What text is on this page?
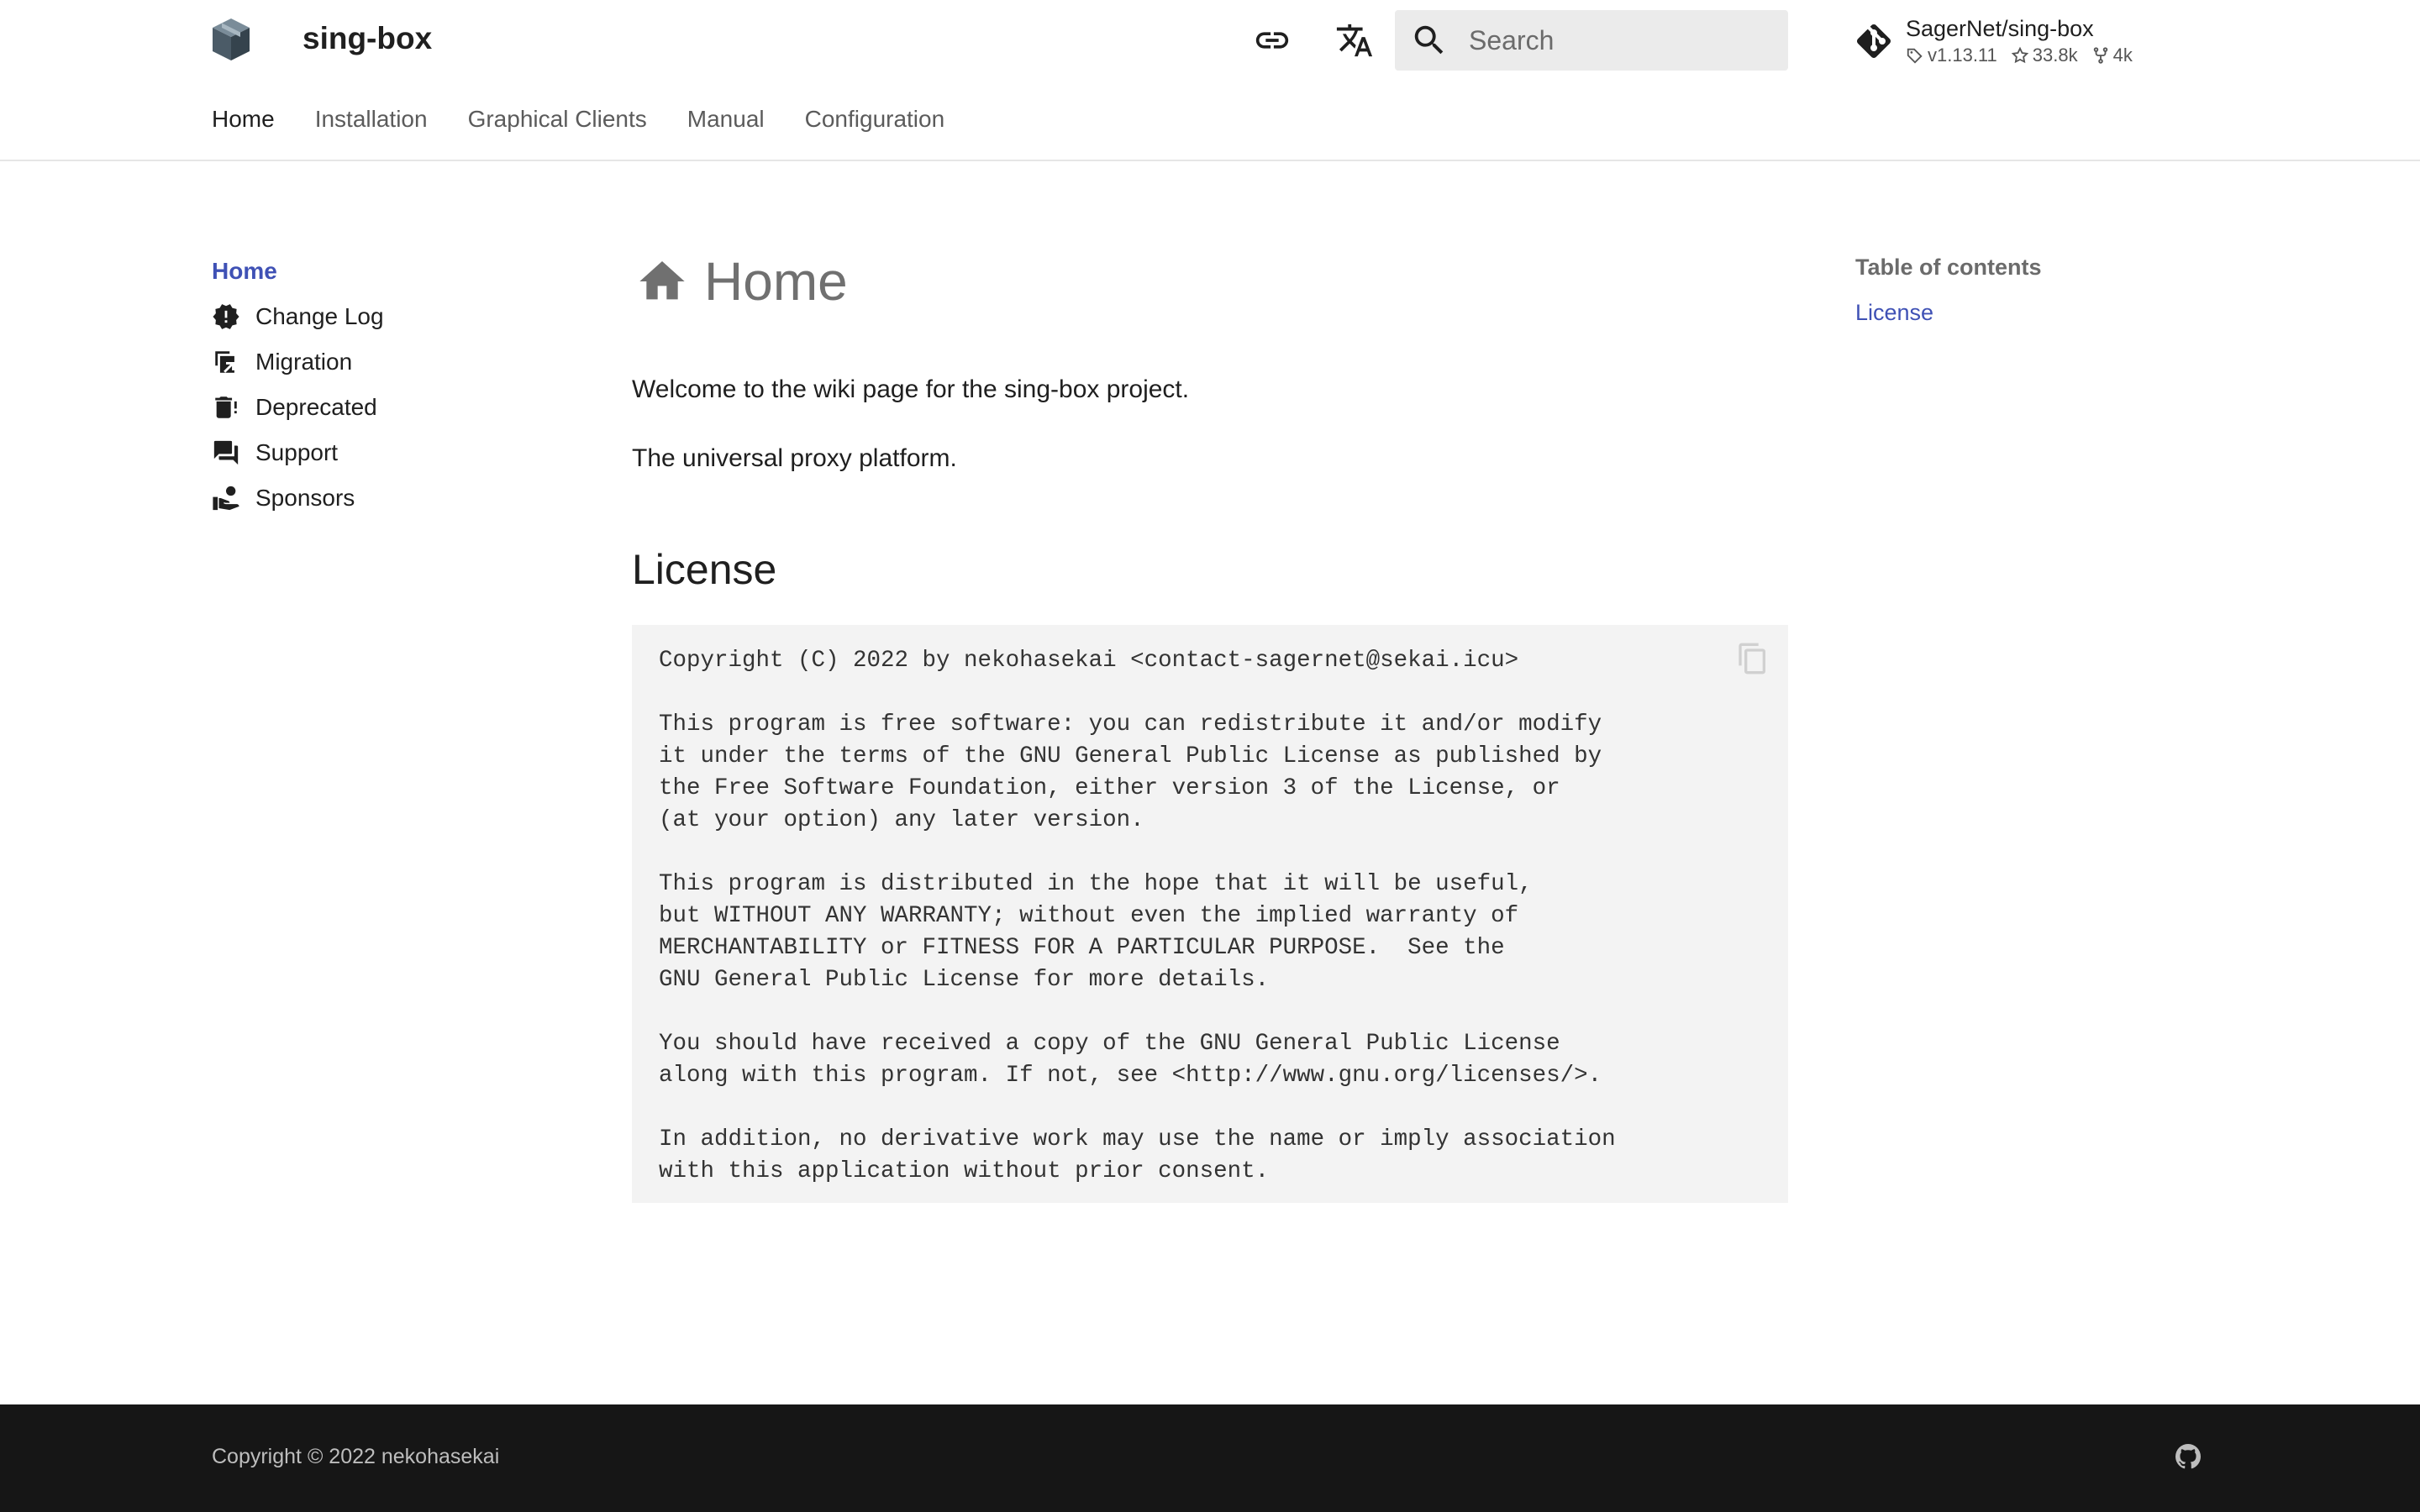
sing-box	Search	SagerNet/sing-box
v1.13.11 33.8k 4k
Home Installation Graphical Clients Manual Configuration
Home
Change Log
Migration
Deprecated
Support
Sponsors
Home

Welcome to the wiki page for the sing-box project.

The universal proxy platform.

License
Copyright (C) 2022 by nekohasekai <contact-sagernet@sekai.icu>

This program is free software: you can redistribute it and/or modify
it under the terms of the GNU General Public License as published by
the Free Software Foundation, either version 3 of the License, or
(at your option) any later version.

This program is distributed in the hope that it will be useful,
but WITHOUT ANY WARRANTY; without even the implied warranty of
MERCHANTABILITY or FITNESS FOR A PARTICULAR PURPOSE.  See the
GNU General Public License for more details.

You should have received a copy of the GNU General Public License
along with this program. If not, see <http://www.gnu.org/licenses/>.

In addition, no derivative work may use the name or imply association
with this application without prior consent.
Table of contents
License
Copyright © 2022 nekohasekai
